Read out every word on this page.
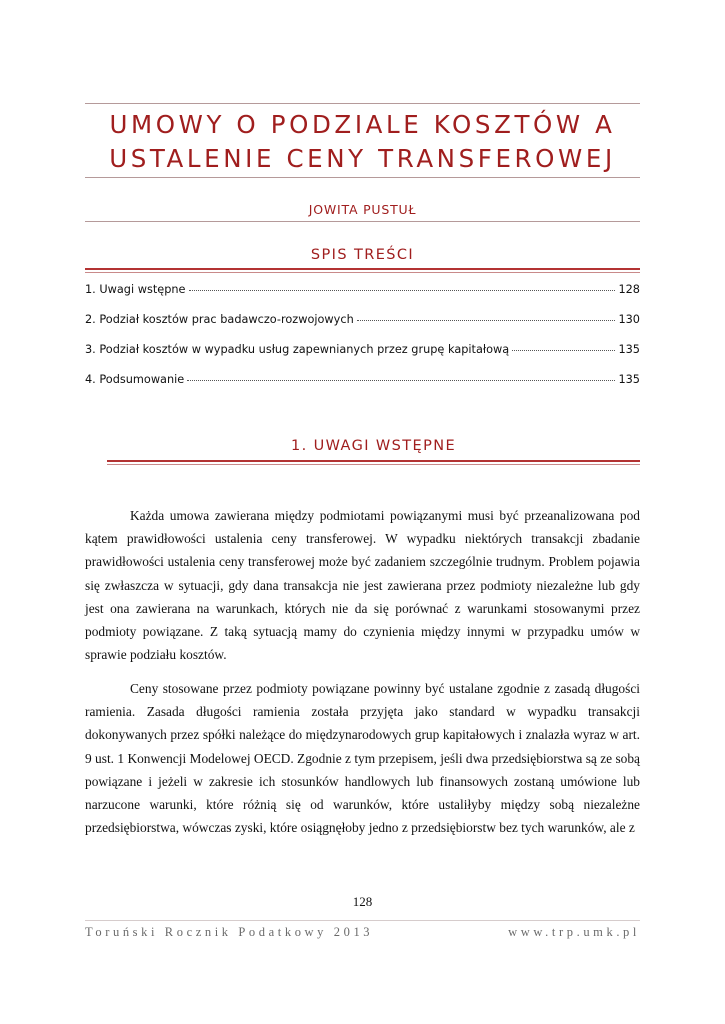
UMOWY O PODZIALE KOSZTÓW A
USTALENIE CENY TRANSFEROWEJ
JOWITA PUSTUŁ
SPIS TREŚCI
1. Uwagi wstępne	128
2. Podział kosztów prac badawczo-rozwojowych	130
3. Podział kosztów w wypadku usług zapewnianych przez grupę kapitałową	135
4. Podsumowanie	135
1. UWAGI WSTĘPNE

Każda umowa zawierana między podmiotami powiązanymi musi być przeanalizowana pod kątem prawidłowości ustalenia ceny transferowej. W wypadku niektórych transakcji zbadanie prawidłowości ustalenia ceny transferowej może być zadaniem szczególnie trudnym. Problem pojawia się zwłaszcza w sytuacji, gdy dana transakcja nie jest zawierana przez podmioty niezależne lub gdy jest ona zawierana na warunkach, których nie da się porównać z warunkami stosowanymi przez podmioty powiązane. Z taką sytuacją mamy do czynienia między innymi w przypadku umów w sprawie podziału kosztów.

Ceny stosowane przez podmioty powiązane powinny być ustalane zgodnie z zasadą długości ramienia. Zasada długości ramienia została przyjęta jako standard w wypadku transakcji dokonywanych przez spółki należące do międzynarodowych grup kapitałowych i znalazła wyraz w art. 9 ust. 1 Konwencji Modelowej OECD. Zgodnie z tym przepisem, jeśli dwa przedsiębiorstwa są ze sobą powiązane i jeżeli w zakresie ich stosunków handlowych lub finansowych zostaną umówione lub narzucone warunki, które różnią się od warunków, które ustaliłyby między sobą niezależne przedsiębiorstwa, wówczas zyski, które osiągnęłoby jedno z przedsiębiorstw bez tych warunków, ale z

128
Toruński Rocznik Podatkowy 2013	www.trp.umk.pl
